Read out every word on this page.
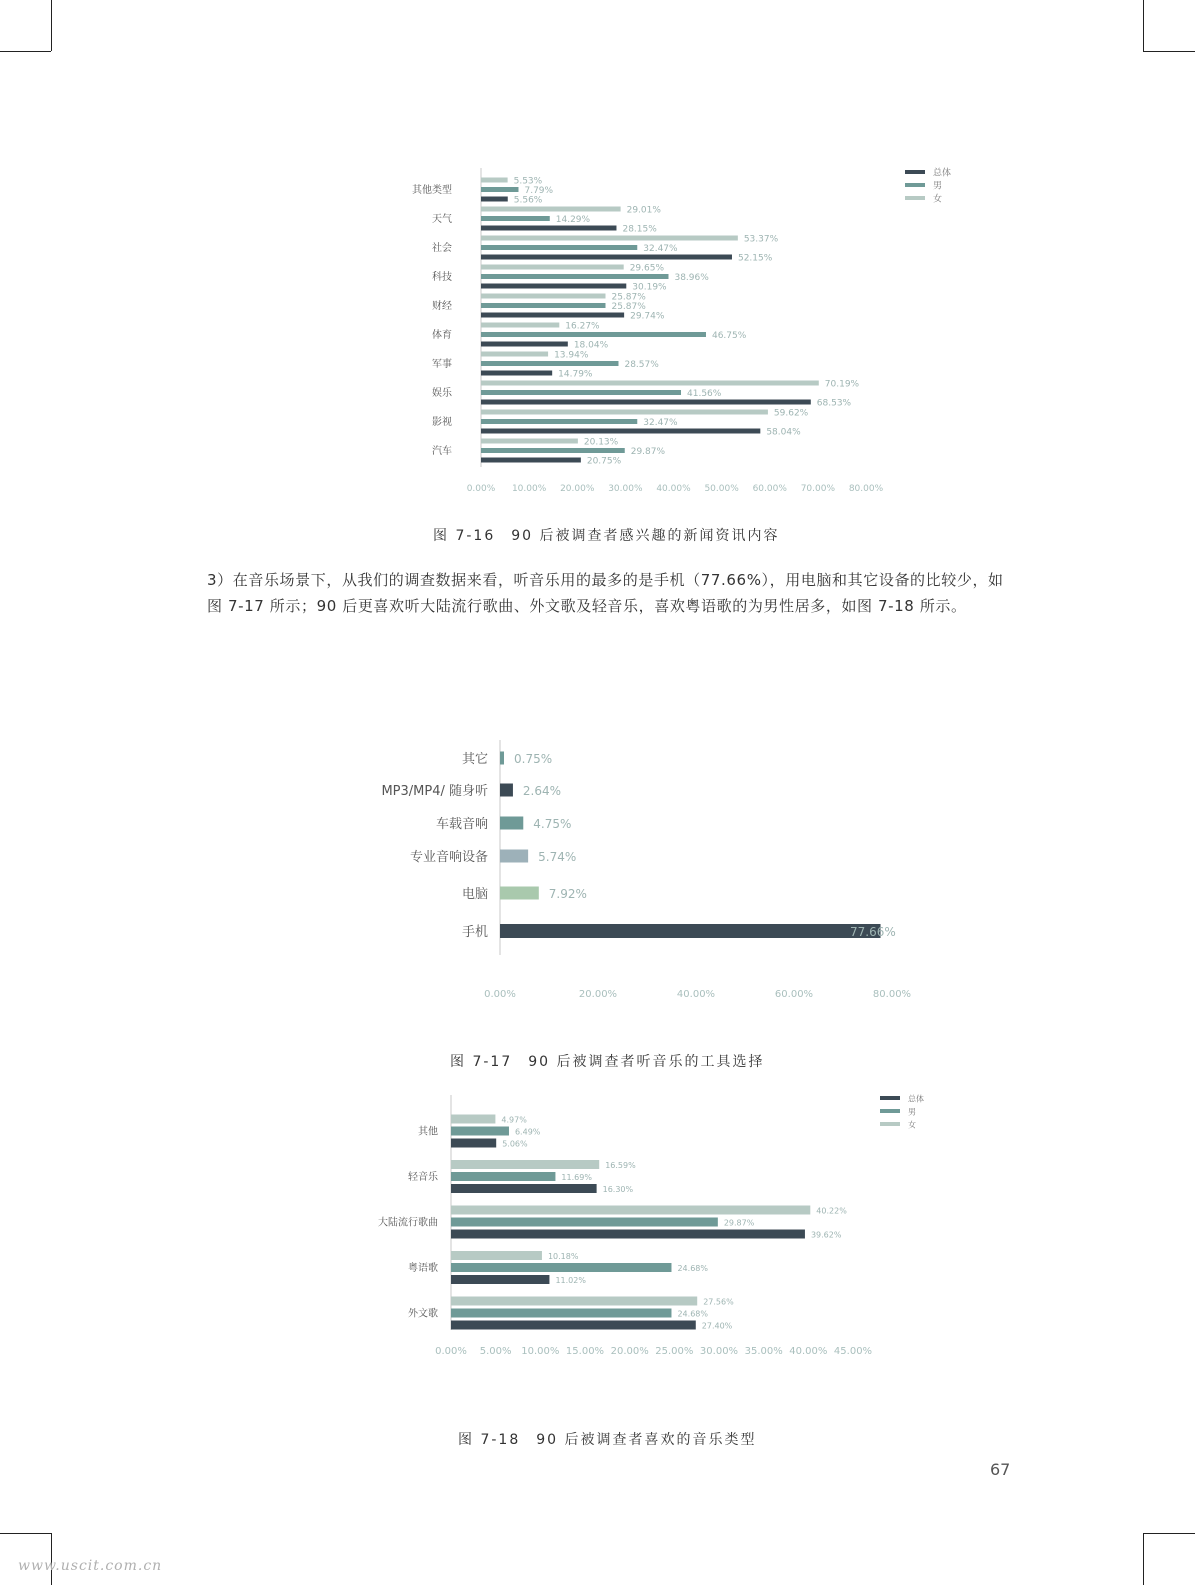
5.53%
7.79%
5.56%
其他类型
29.01%
14.29%
28.15%
天气
53.37%
32.47%
52.15%
社会
29.65%
38.96%
30.19%
科技
25.87%
25.87%
29.74%
财经
16.27%
46.75%
18.04%
体育
13.94%
28.57%
14.79%
军事
70.19%
41.56%
68.53%
娱乐
59.62%
32.47%
58.04%
影视
20.13%
29.87%
20.75%
汽车
0.00% 10.00% 20.00% 30.00% 40.00% 50.00% 60.00% 70.00% 80.00%
总体
男
女
图 7-16　90 后被调查者感兴趣的新闻资讯内容

3）在音乐场景下，从我们的调查数据来看，听音乐用的最多的是手机（77.66%），用电脑和其它设备的比较少，如图 7-17 所示；90 后更喜欢听大陆流行歌曲、外文歌及轻音乐，喜欢粤语歌的为男性居多，如图 7-18 所示。

0.75%
其它
2.64%
MP3/MP4/ 随身听
4.75%
车载音响
5.74%
专业音响设备
7.92%
电脑
77.66%
手机
0.00%	20.00%	40.00%	60.00%	80.00%
图 7-17　90 后被调查者听音乐的工具选择
4.97%
6.49%
5.06%
其他
16.59%
11.69%
16.30%
轻音乐
40.22%
29.87%
39.62%
大陆流行歌曲
10.18%
24.68%
11.02%
粤语歌
27.56%
24.68%
27.40%
外文歌
0.00% 5.00% 10.00% 15.00% 20.00% 25.00% 30.00% 35.00% 40.00% 45.00%
总体
男
女
图 7-18　90 后被调查者喜欢的音乐类型
67
www.uscit.com.cn
